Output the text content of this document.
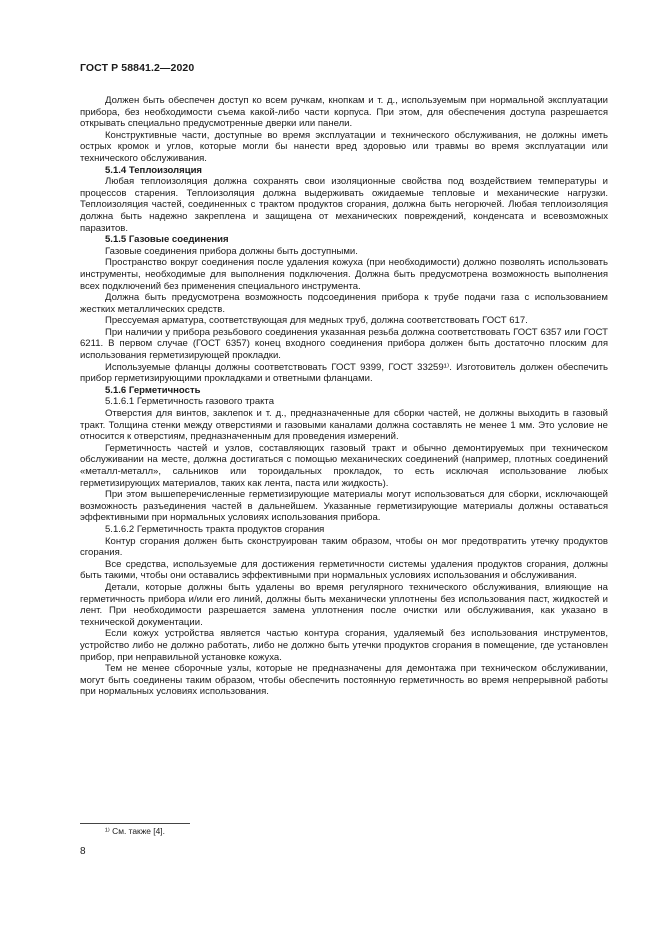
ГОСТ Р 58841.2—2020

Должен быть обеспечен доступ ко всем ручкам, кнопкам и т. д., используемым при нормальной эксплуатации прибора, без необходимости съема какой-либо части корпуса. При этом, для обеспечения доступа разрешается открывать специально предусмотренные дверки или панели.

Конструктивные части, доступные во время эксплуатации и технического обслуживания, не должны иметь острых кромок и углов, которые могли бы нанести вред здоровью или травмы во время эксплуатации или технического обслуживания.

5.1.4 Теплоизоляция

Любая теплоизоляция должна сохранять свои изоляционные свойства под воздействием температуры и процессов старения. Теплоизоляция должна выдерживать ожидаемые тепловые и механические нагрузки. Теплоизоляция частей, соединенных с трактом продуктов сгорания, должна быть негорючей. Любая теплоизоляция должна быть надежно закреплена и защищена от механических повреждений, конденсата и всевозможных паразитов.

5.1.5 Газовые соединения

Газовые соединения прибора должны быть доступными.

Пространство вокруг соединения после удаления кожуха (при необходимости) должно позволять использовать инструменты, необходимые для выполнения подключения. Должна быть предусмотрена возможность выполнения всех подключений без применения специального инструмента.

Должна быть предусмотрена возможность подсоединения прибора к трубе подачи газа с использованием жестких металлических средств.

Прессуемая арматура, соответствующая для медных труб, должна соответствовать ГОСТ 617.

При наличии у прибора резьбового соединения указанная резьба должна соответствовать ГОСТ 6357 или ГОСТ 6211. В первом случае (ГОСТ 6357) конец входного соединения прибора должен быть достаточно плоским для использования герметизирующей прокладки.

Используемые фланцы должны соответствовать ГОСТ 9399, ГОСТ 33259¹⁾. Изготовитель должен обеспечить прибор герметизирующими прокладками и ответными фланцами.

5.1.6 Герметичность

5.1.6.1 Герметичность газового тракта

Отверстия для винтов, заклепок и т. д., предназначенные для сборки частей, не должны выходить в газовый тракт. Толщина стенки между отверстиями и газовыми каналами должна составлять не менее 1 мм. Это условие не относится к отверстиям, предназначенным для проведения измерений.

Герметичность частей и узлов, составляющих газовый тракт и обычно демонтируемых при техническом обслуживании на месте, должна достигаться с помощью механических соединений (например, плотных соединений «металл-металл», сальников или тороидальных прокладок, то есть исключая использование любых герметизирующих материалов, таких как лента, паста или жидкость).

При этом вышеперечисленные герметизирующие материалы могут использоваться для сборки, исключающей возможность разъединения частей в дальнейшем. Указанные герметизирующие материалы должны оставаться эффективными при нормальных условиях использования прибора.

5.1.6.2 Герметичность тракта продуктов сгорания

Контур сгорания должен быть сконструирован таким образом, чтобы он мог предотвратить утечку продуктов сгорания.

Все средства, используемые для достижения герметичности системы удаления продуктов сгорания, должны быть такими, чтобы они оставались эффективными при нормальных условиях использования и обслуживания.

Детали, которые должны быть удалены во время регулярного технического обслуживания, влияющие на герметичность прибора и/или его линий, должны быть механически уплотнены без использования паст, жидкостей и лент. При необходимости разрешается замена уплотнения после очистки или обслуживания, как указано в технической документации.

Если кожух устройства является частью контура сгорания, удаляемый без использования инструментов, устройство либо не должно работать, либо не должно быть утечки продуктов сгорания в помещение, где установлен прибор, при неправильной установке кожуха.

Тем не менее сборочные узлы, которые не предназначены для демонтажа при техническом обслуживании, могут быть соединены таким образом, чтобы обеспечить постоянную герметичность во время непрерывной работы при нормальных условиях использования.

¹⁾ См. также [4].
8
